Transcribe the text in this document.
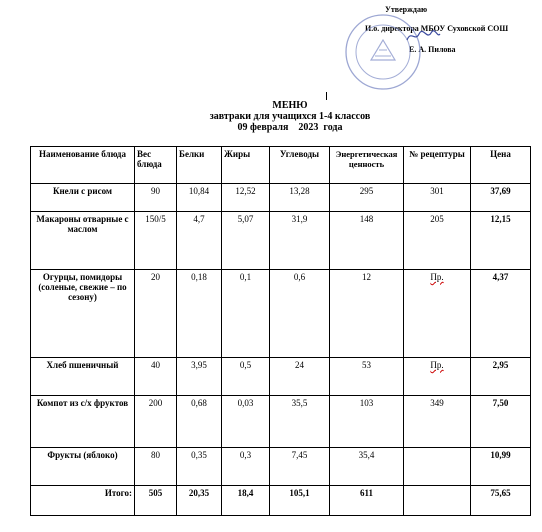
Утверждаю
И.о. директора МБОУ Суховской СОШ
Е. А. Пилова
МЕНЮ
завтраки для учащихся 1-4 классов
09 февраля    2023  года
Наименование блюда	Вес блюда	Белки	Жиры	Углеводы	Энергетическая ценность	№ рецептуры	Цена
Кнели с рисом	90	10,84	12,52	13,28	295	301	37,69
Макароны отварные с маслом	150/5	4,7	5,07	31,9	148	205	12,15
Огурцы, помидоры (соленые, свежие – по сезону)	20	0,18	0,1	0,6	12	Пр.	4,37
Хлеб пшеничный	40	3,95	0,5	24	53	Пр.	2,95
Компот из с/х фруктов	200	0,68	0,03	35,5	103	349	7,50
Фрукты (яблоко)	80	0,35	0,3	7,45	35,4		10,99
Итого:	505	20,35	18,4	105,1	611		75,65
